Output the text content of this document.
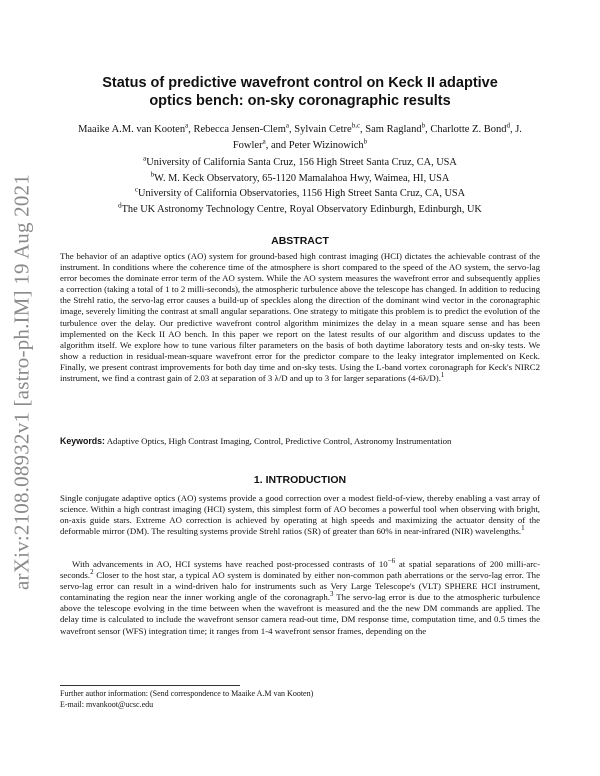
arXiv:2108.08932v1 [astro-ph.IM] 19 Aug 2021
Status of predictive wavefront control on Keck II adaptive
optics bench: on-sky coronagraphic results
Maaike A.M. van Kooten$^a$, Rebecca Jensen-Clem$^a$, Sylvain Cetre$^{b,c}$, Sam Ragland$^b$, Charlotte Z. Bond$^d$, J. Fowler$^a$, and Peter Wizinowich$^b$
$^a$University of California Santa Cruz, 156 High Street Santa Cruz, CA, USA
$^b$W. M. Keck Observatory, 65-1120 Mamalahoa Hwy, Waimea, HI, USA
$^c$University of California Observatories, 1156 High Street Santa Cruz, CA, USA
$^d$The UK Astronomy Technology Centre, Royal Observatory Edinburgh, Edinburgh, UK
ABSTRACT

The behavior of an adaptive optics (AO) system for ground-based high contrast imaging (HCI) dictates the achievable contrast of the instrument. In conditions where the coherence time of the atmosphere is short compared to the speed of the AO system, the servo-lag error becomes the dominate error term of the AO system. While the AO system measures the wavefront error and subsequently applies a correction (taking a total of 1 to 2 milli-seconds), the atmospheric turbulence above the telescope has changed. In addition to reducing the Strehl ratio, the servo-lag error causes a build-up of speckles along the direction of the dominant wind vector in the coronagraphic image, severely limiting the contrast at small angular separations. One strategy to mitigate this problem is to predict the evolution of the turbulence over the delay. Our predictive wavefront control algorithm minimizes the delay in a mean square sense and has been implemented on the Keck II AO bench. In this paper we report on the latest results of our algorithm and discuss updates to the algorithm itself. We explore how to tune various filter parameters on the basis of both daytime laboratory tests and on-sky tests. We show a reduction in residual-mean-square wavefront error for the predictor compare to the leaky integrator implemented on Keck. Finally, we present contrast improvements for both day time and on-sky tests. Using the L-band vortex coronagraph for Keck's NIRC2 instrument, we find a contrast gain of 2.03 at separation of 3 λ/D and up to 3 for larger separations (4-6λ/D).$^1$

Keywords: Adaptive Optics, High Contrast Imaging, Control, Predictive Control, Astronomy Instrumentation
1. INTRODUCTION

Single conjugate adaptive optics (AO) systems provide a good correction over a modest field-of-view, thereby enabling a vast array of science. Within a high contrast imaging (HCI) system, this simplest form of AO becomes a powerful tool when observing with bright, on-axis guide stars. Extreme AO correction is achieved by operating at high speeds and maximizing the actuator density of the deformable mirror (DM). The resulting systems provide Strehl ratios (SR) of greater than 60% in near-infrared (NIR) wavelengths.$^1$

With advancements in AO, HCI systems have reached post-processed contrasts of $10^{-6}$ at spatial separations of 200 milli-arc-seconds.$^2$ Closer to the host star, a typical AO system is dominated by either non-common path aberrations or the servo-lag error. The servo-lag error can result in a wind-driven halo for instruments such as Very Large Telescope's (VLT) SPHERE HCI instrument, contaminating the region near the inner working angle of the coronagraph.$^3$ The servo-lag error is due to the atmospheric turbulence above the telescope evolving in the time between when the wavefront is measured and the the new DM commands are applied. The delay time is calculated to include the wavefront sensor camera read-out time, DM response time, computation time, and 0.5 times the wavefront sensor (WFS) integration time; it ranges from 1-4 wavefront sensor frames, depending on the

Further author information: (Send correspondence to Maaike A.M van Kooten)
E-mail: mvankoot@ucsc.edu
